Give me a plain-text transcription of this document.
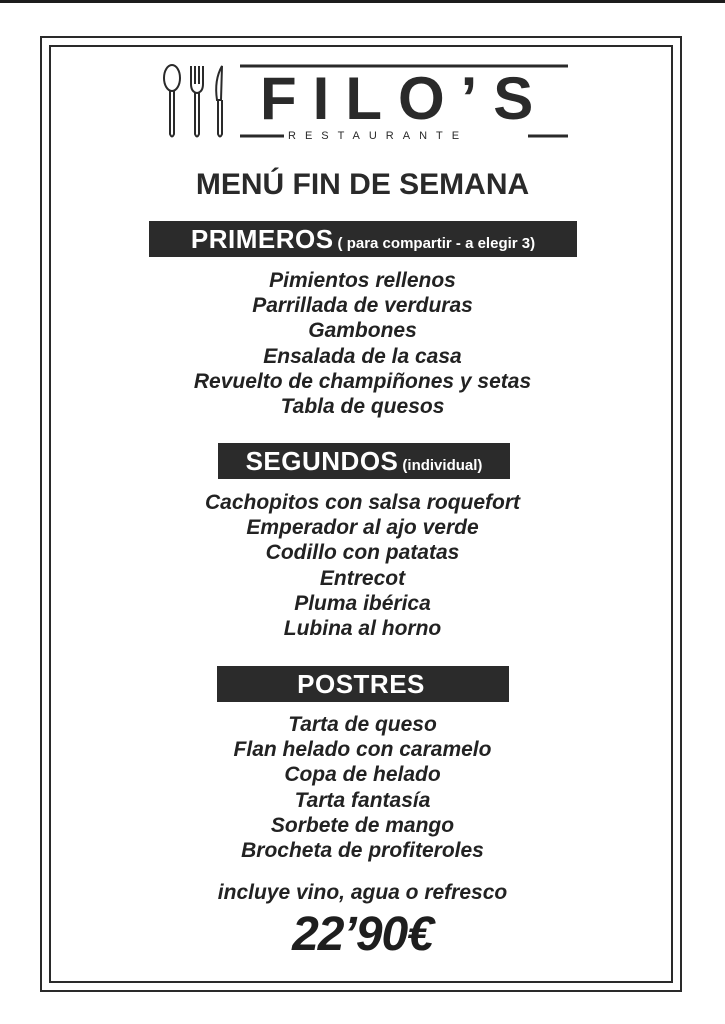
FILO’S
RESTAURANTE
MENÚ FIN DE SEMANA
PRIMEROS ( para compartir - a elegir 3)
Pimientos rellenos
Parrillada de verduras
Gambones
Ensalada de la casa
Revuelto de champiñones y setas
Tabla de quesos
SEGUNDOS (individual)
Cachopitos con salsa roquefort
Emperador al ajo verde
Codillo con patatas
Entrecot
Pluma ibérica
Lubina al horno
POSTRES
Tarta de queso
Flan helado con caramelo
Copa de helado
Tarta fantasía
Sorbete de mango
Brocheta de profiteroles
incluye vino, agua o refresco
22’90€
